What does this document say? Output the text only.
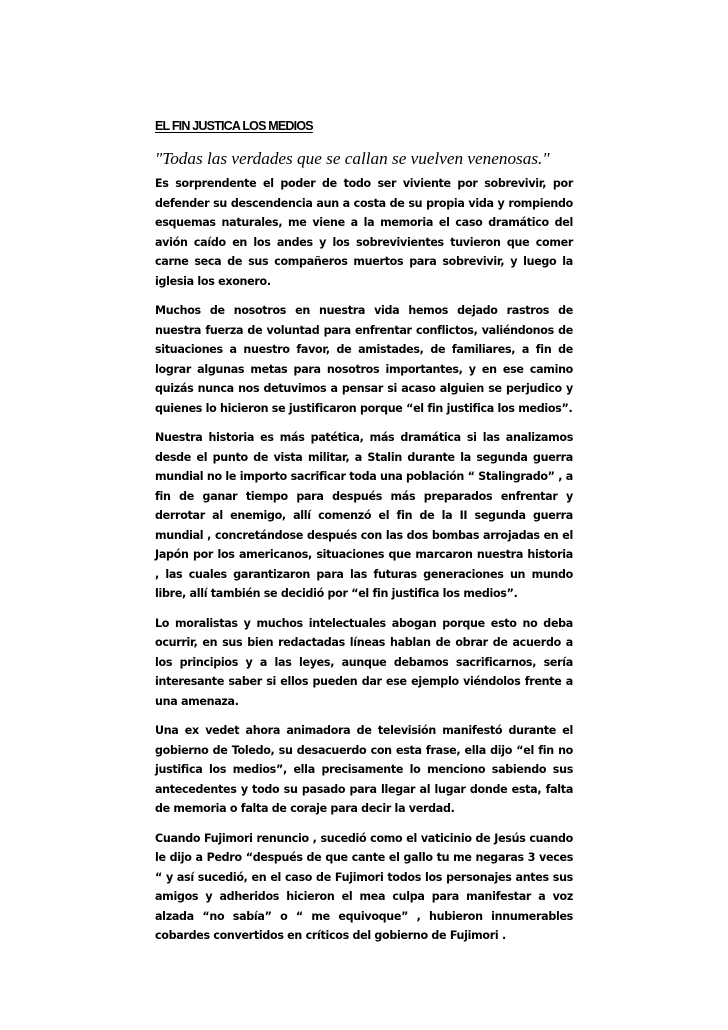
EL FIN JUSTICA LOS MEDIOS

"Todas las verdades que se callan se vuelven venenosas."

Es sorprendente el poder de todo ser viviente por sobrevivir, por defender su descendencia aun a costa de su propia vida y rompiendo esquemas naturales, me viene a la memoria el caso dramático del avión caído en los andes y los sobrevivientes tuvieron que comer carne seca de sus compañeros muertos para sobrevivir, y luego la iglesia los exonero.

Muchos de nosotros en nuestra vida hemos dejado rastros de nuestra fuerza de voluntad para enfrentar conflictos, valiéndonos de situaciones a nuestro favor, de amistades, de familiares, a fin de lograr algunas metas para nosotros importantes, y en ese camino quizás nunca nos detuvimos a pensar si acaso alguien se perjudico y quienes lo hicieron se justificaron porque “el fin justifica los medios”.

Nuestra historia es más patética, más dramática si las analizamos desde el punto de vista militar, a Stalin durante la segunda guerra mundial no le importo sacrificar toda una población “ Stalingrado” , a fin de ganar tiempo para después más preparados enfrentar y derrotar al enemigo, allí comenzó el fin de la II segunda guerra mundial , concretándose después con las dos bombas arrojadas en el Japón por los americanos, situaciones que marcaron nuestra historia , las cuales garantizaron para las futuras generaciones un mundo libre, allí también se decidió por “el fin justifica los medios”.

Lo moralistas y muchos intelectuales abogan porque esto no deba ocurrir, en sus bien redactadas líneas hablan de obrar de acuerdo a los principios y a las leyes, aunque debamos sacrificarnos, sería interesante saber si ellos pueden dar ese ejemplo viéndolos frente a una amenaza.

Una ex vedet ahora animadora de televisión manifestó durante el gobierno de Toledo, su desacuerdo con esta frase, ella dijo “el fin no justifica los medios”, ella precisamente lo menciono sabiendo sus antecedentes y todo su pasado para llegar al lugar donde esta, falta de memoria o falta de coraje para decir la verdad.

Cuando Fujimori renuncio , sucedió como el vaticinio de Jesús cuando le dijo a Pedro “después de que cante el gallo tu me negaras 3 veces “ y así sucedió, en el caso de Fujimori todos los personajes antes sus amigos y adheridos hicieron el mea culpa para manifestar a voz alzada “no sabía” o “ me equivoque” , hubieron innumerables cobardes convertidos en críticos del gobierno de Fujimori .
